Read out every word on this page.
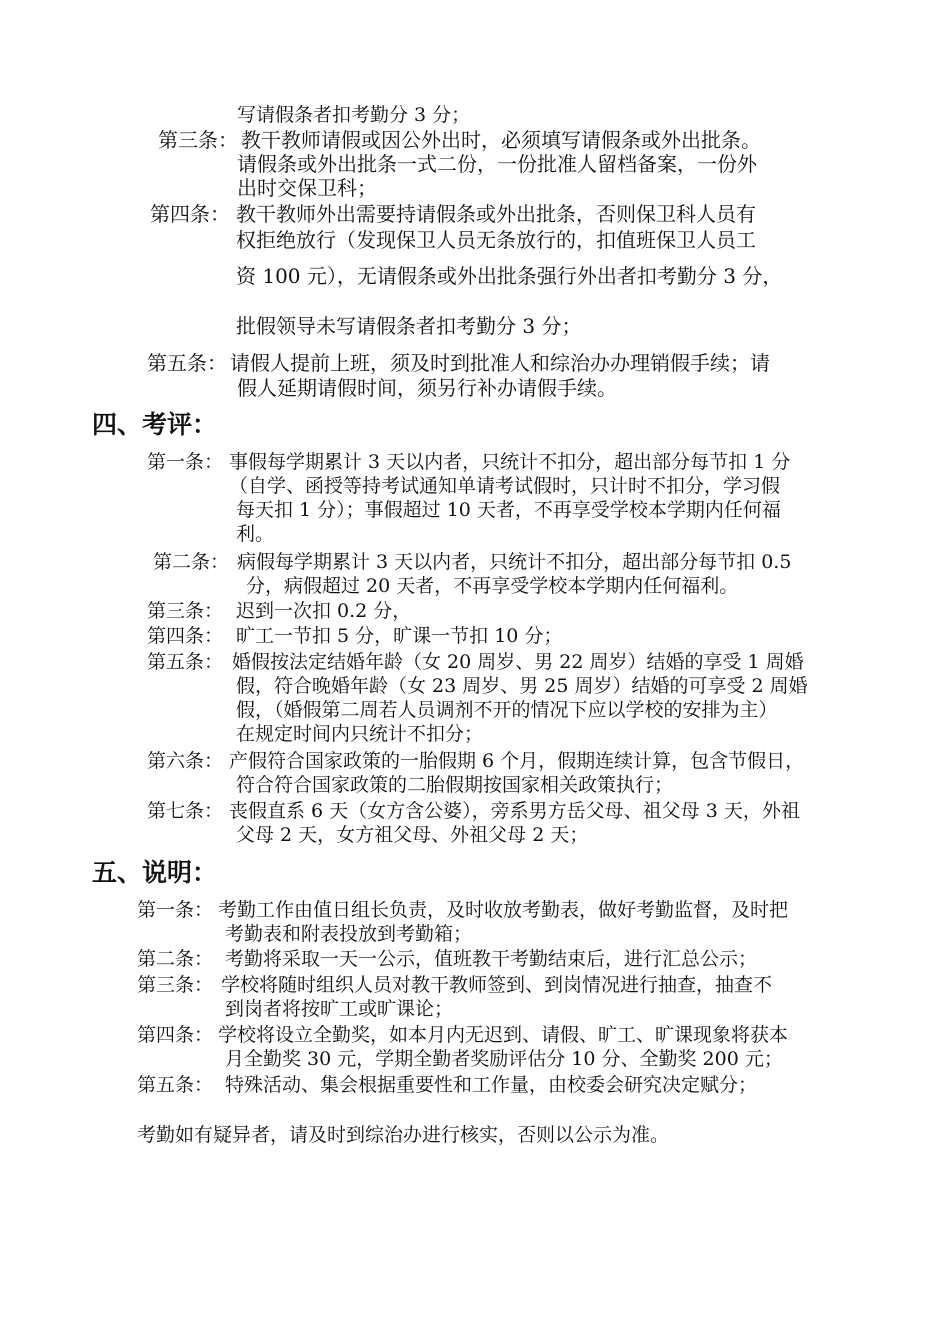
写请假条者扣考勤分 3 分；
第三条： 教干教师请假或因公外出时，必须填写请假条或外出批条。
请假条或外出批条一式二份，一份批准人留档备案，一份外
出时交保卫科；
第四条： 教干教师外出需要持请假条或外出批条，否则保卫科人员有
权拒绝放行（发现保卫人员无条放行的，扣值班保卫人员工
资 100 元），无请假条或外出批条强行外出者扣考勤分 3 分，
批假领导未写请假条者扣考勤分 3 分；
第五条： 请假人提前上班，须及时到批准人和综治办办理销假手续；请
假人延期请假时间，须另行补办请假手续。
四、考评：
第一条： 事假每学期累计 3 天以内者，只统计不扣分，超出部分每节扣 1 分
（自学、函授等持考试通知单请考试假时，只计时不扣分，学习假
每天扣 1 分）；事假超过 10 天者，不再享受学校本学期内任何福
利。
第二条： 病假每学期累计 3 天以内者，只统计不扣分，超出部分每节扣 0.5
分，病假超过 20 天者，不再享受学校本学期内任何福利。
第三条： 迟到一次扣 0.2 分，
第四条： 旷工一节扣 5 分，旷课一节扣 10 分；
第五条： 婚假按法定结婚年龄（女 20 周岁、男 22 周岁）结婚的享受 1 周婚
假，符合晚婚年龄（女 23 周岁、男 25 周岁）结婚的可享受 2 周婚
假，（婚假第二周若人员调剂不开的情况下应以学校的安排为主）
在规定时间内只统计不扣分；
第六条： 产假符合国家政策的一胎假期 6 个月，假期连续计算，包含节假日，
符合符合国家政策的二胎假期按国家相关政策执行；
第七条： 丧假直系 6 天（女方含公婆），旁系男方岳父母、祖父母 3 天，外祖
父母 2 天，女方祖父母、外祖父母 2 天；
五、说明：
第一条： 考勤工作由值日组长负责，及时收放考勤表，做好考勤监督，及时把
考勤表和附表投放到考勤箱；
第二条： 考勤将采取一天一公示，值班教干考勤结束后，进行汇总公示；
第三条： 学校将随时组织人员对教干教师签到、到岗情况进行抽查，抽查不
到岗者将按旷工或旷课论；
第四条： 学校将设立全勤奖，如本月内无迟到、请假、旷工、旷课现象将获本
月全勤奖 30 元，学期全勤者奖励评估分 10 分、全勤奖 200 元；
第五条： 特殊活动、集会根据重要性和工作量，由校委会研究决定赋分；
考勤如有疑异者，请及时到综治办进行核实，否则以公示为准。
